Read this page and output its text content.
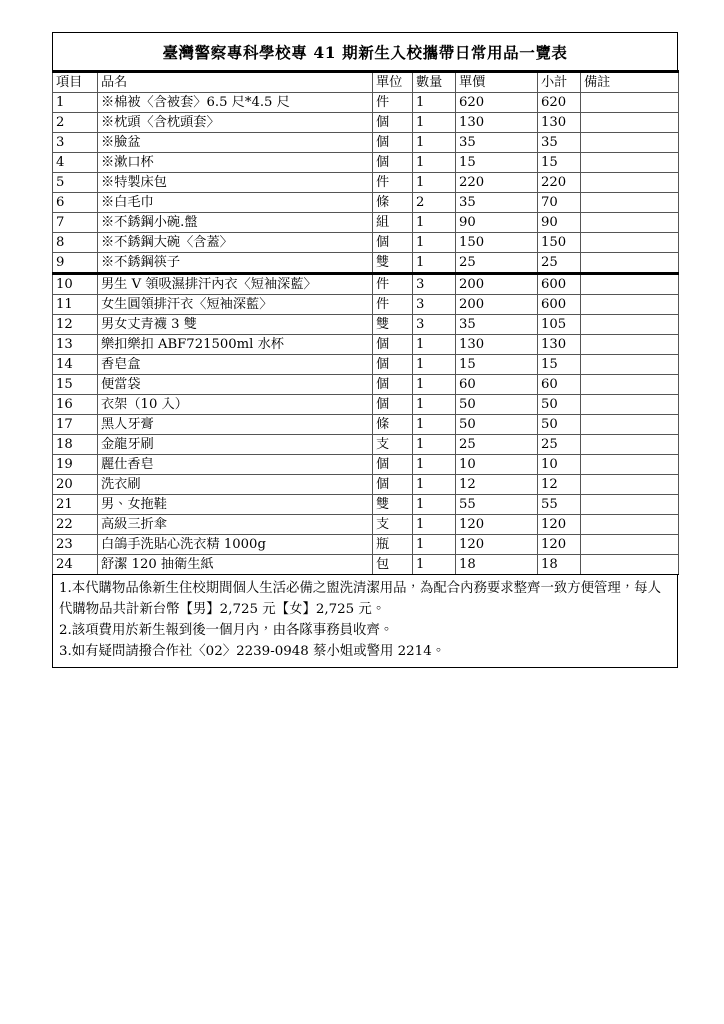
臺灣警察專科學校專 41 期新生入校攜帶日常用品一覽表
項目	品名	單位	數量	單價	小計	備註
1	※棉被〈含被套〉6.5 尺*4.5 尺	件	1	620	620	
2	※枕頭〈含枕頭套〉	個	1	130	130	
3	※臉盆	個	1	35	35	
4	※漱口杯	個	1	15	15	
5	※特製床包	件	1	220	220	
6	※白毛巾	條	2	35	70	
7	※不銹鋼小碗.盤	組	1	90	90	
8	※不銹鋼大碗〈含蓋〉	個	1	150	150	
9	※不銹鋼筷子	雙	1	25	25	
10	男生 V 領吸濕排汗內衣〈短袖深藍〉	件	3	200	600	
11	女生圓領排汗衣〈短袖深藍〉	件	3	200	600	
12	男女丈青襪 3 雙	雙	3	35	105	
13	樂扣樂扣 ABF721500ml 水杯	個	1	130	130	
14	香皂盒	個	1	15	15	
15	便當袋	個	1	60	60	
16	衣架（10 入）	個	1	50	50	
17	黑人牙膏	條	1	50	50	
18	金龍牙刷	支	1	25	25	
19	麗仕香皂	個	1	10	10	
20	洗衣刷	個	1	12	12	
21	男、女拖鞋	雙	1	55	55	
22	高級三折傘	支	1	120	120	
23	白鴿手洗貼心洗衣精 1000g	瓶	1	120	120	
24	舒潔 120 抽衛生紙	包	1	18	18	
1.本代購物品係新生住校期間個人生活必備之盥洗清潔用品，為配合內務要求整齊一致方便管理，每人代購物品共計新台幣【男】2,725 元【女】2,725 元。
2.該項費用於新生報到後一個月內，由各隊事務員收齊。
3.如有疑問請撥合作社〈02〉2239-0948 蔡小姐或警用 2214。
